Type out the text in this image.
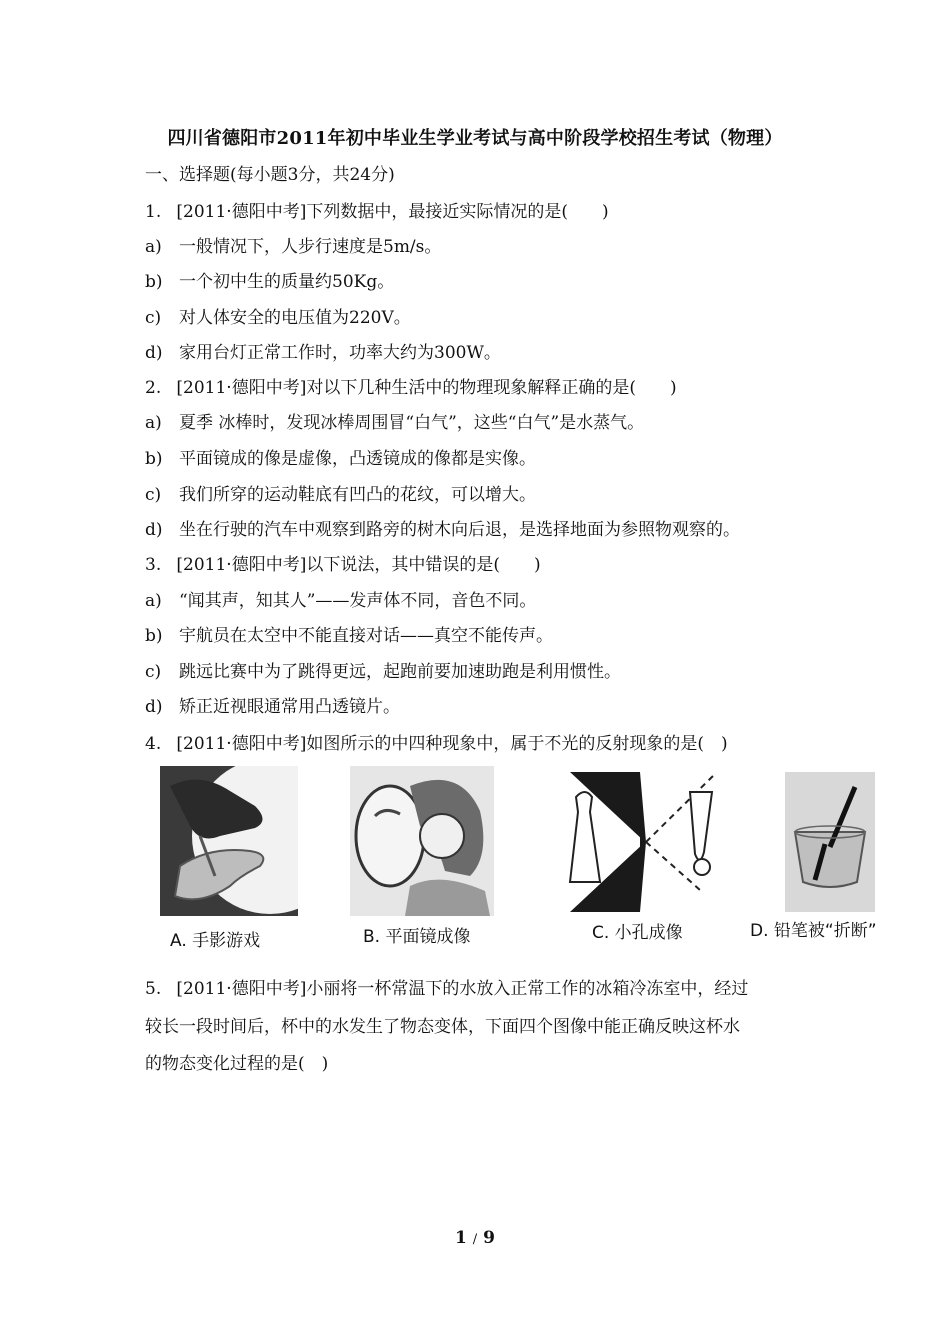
四川省德阳市2011年初中毕业生学业考试与高中阶段学校招生考试（物理）
一、选择题(每小题3分，共24分)
1. [2011·德阳中考]下列数据中，最接近实际情况的是(　　)
a) 一般情况下，人步行速度是5m/s。
b) 一个初中生的质量约50Kg。
c) 对人体安全的电压值为220V。
d) 家用台灯正常工作时，功率大约为300W。
2. [2011·德阳中考]对以下几种生活中的物理现象解释正确的是(　　)
a) 夏季 冰棒时，发现冰棒周围冒“白气”，这些“白气”是水蒸气。
b) 平面镜成的像是虚像，凸透镜成的像都是实像。
c) 我们所穿的运动鞋底有凹凸的花纹，可以增大。
d) 坐在行驶的汽车中观察到路旁的树木向后退，是选择地面为参照物观察的。
3. [2011·德阳中考]以下说法，其中错误的是(　　)
a) “闻其声，知其人”——发声体不同，音色不同。
b) 宇航员在太空中不能直接对话——真空不能传声。
c) 跳远比赛中为了跳得更远，起跑前要加速助跑是利用惯性。
d) 矫正近视眼通常用凸透镜片。
4. [2011·德阳中考]如图所示的中四种现象中，属于不光的反射现象的是(　)
A. 手影游戏	B. 平面镜成像	C. 小孔成像	D. 铅笔被“折断”
5. [2011·德阳中考]小丽将一杯常温下的水放入正常工作的冰箱冷冻室中，经过
较长一段时间后，杯中的水发生了物态变体，下面四个图像中能正确反映这杯水
的物态变化过程的是(　)
1 / 9
